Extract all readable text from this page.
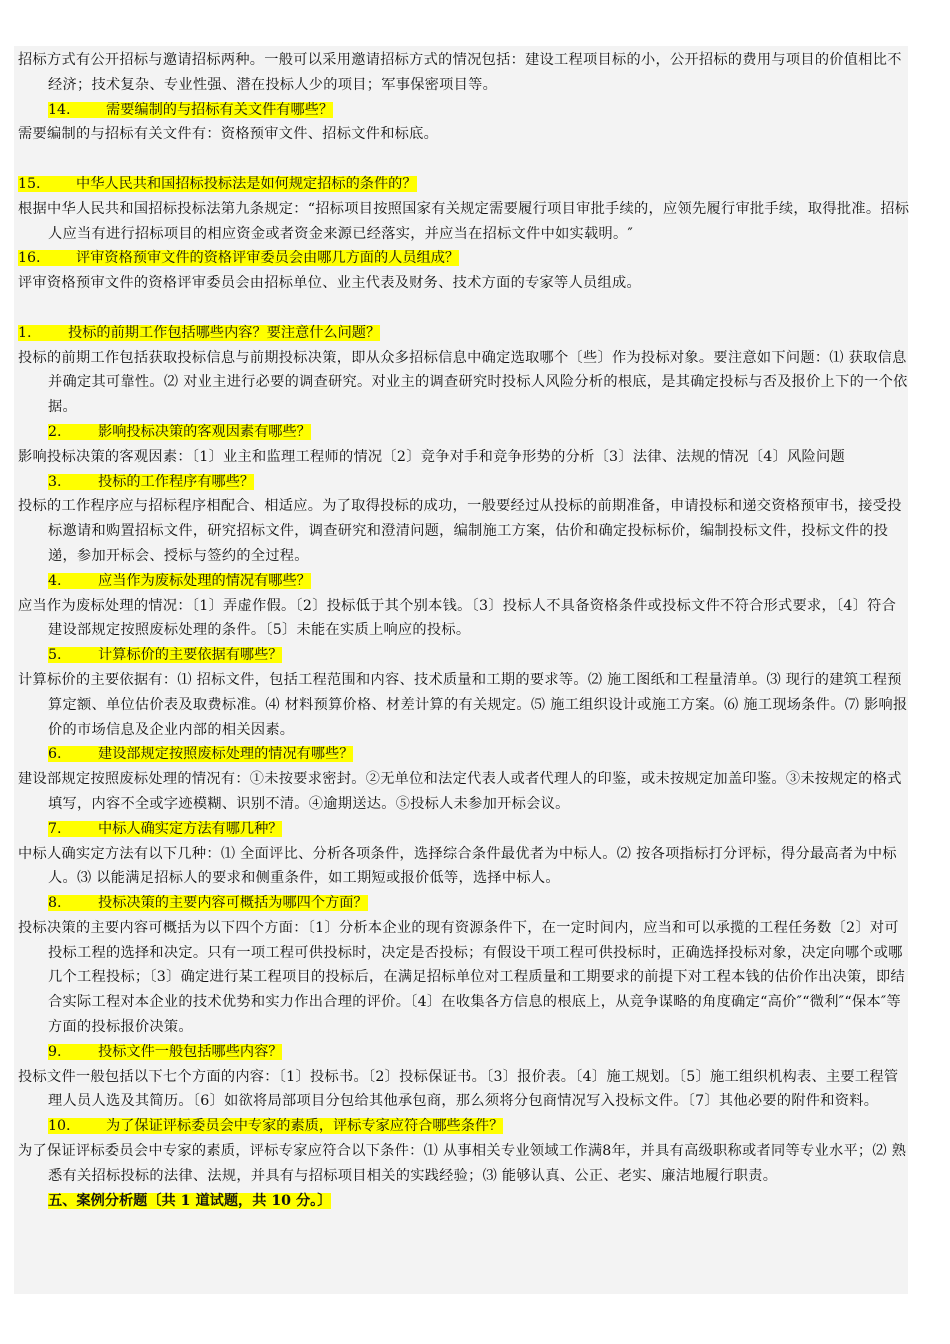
招标方式有公开招标与邀请招标两种。一般可以采用邀请招标方式的情况包括：建设工程项目标的小，公开招标的费用与项目的价值相比不经济；技术复杂、专业性强、潜在投标人少的项目；军事保密项目等。

14. 需要编制的与招标有关文件有哪些？

需要编制的与招标有关文件有：资格预审文件、招标文件和标底。

15. 中华人民共和国招标投标法是如何规定招标的条件的？

根据中华人民共和国招标投标法第九条规定：“招标项目按照国家有关规定需要履行项目审批手续的，应领先履行审批手续，取得批准。招标人应当有进行招标项目的相应资金或者资金来源已经落实，并应当在招标文件中如实载明。″

16. 评审资格预审文件的资格评审委员会由哪几方面的人员组成？

评审资格预审文件的资格评审委员会由招标单位、业主代表及财务、技术方面的专家等人员组成。

1.	投标的前期工作包括哪些内容？要注意什么问题？

投标的前期工作包括获取投标信息与前期投标决策，即从众多招标信息中确定选取哪个〔些〕作为投标对象。要注意如下问题：⑴ 获取信息并确定其可靠性。⑵ 对业主进行必要的调查研究。对业主的调查研究时投标人风险分析的根底，是其确定投标与否及报价上下的一个依据。

2.	影响投标决策的客观因素有哪些？

影响投标决策的客观因素：〔1〕业主和监理工程师的情况〔2〕竞争对手和竞争形势的分析〔3〕法律、法规的情况〔4〕风险问题

3.	投标的工作程序有哪些？

投标的工作程序应与招标程序相配合、相适应。为了取得投标的成功，一般要经过从投标的前期准备，申请投标和递交资格预审书，接受投标邀请和购置招标文件，研究招标文件，调查研究和澄清问题，编制施工方案，估价和确定投标标价，编制投标文件，投标文件的投递，参加开标会、授标与签约的全过程。

4.	应当作为废标处理的情况有哪些？

应当作为废标处理的情况：〔1〕弄虚作假。〔2〕投标低于其个别本钱。〔3〕投标人不具备资格条件或投标文件不符合形式要求，〔4〕符合建设部规定按照废标处理的条件。〔5〕未能在实质上响应的投标。

5.	计算标价的主要依据有哪些？

计算标价的主要依据有：⑴ 招标文件，包括工程范围和内容、技术质量和工期的要求等。⑵ 施工图纸和工程量清单。⑶ 现行的建筑工程预算定额、单位估价表及取费标准。⑷ 材料预算价格、材差计算的有关规定。⑸ 施工组织设计或施工方案。⑹ 施工现场条件。⑺ 影响报价的市场信息及企业内部的相关因素。

6.	建设部规定按照废标处理的情况有哪些？

建设部规定按照废标处理的情况有：①未按要求密封。②无单位和法定代表人或者代理人的印鉴，或未按规定加盖印鉴。③未按规定的格式填写，内容不全或字迹模糊、识别不清。④逾期送达。⑤投标人未参加开标会议。

7.	中标人确实定方法有哪几种？

中标人确实定方法有以下几种：⑴ 全面评比、分析各项条件，选择综合条件最优者为中标人。⑵ 按各项指标打分评标，得分最高者为中标人。⑶ 以能满足招标人的要求和侧重条件，如工期短或报价低等，选择中标人。

8.	投标决策的主要内容可概括为哪四个方面？

投标决策的主要内容可概括为以下四个方面：〔1〕分析本企业的现有资源条件下，在一定时间内，应当和可以承揽的工程任务数〔2〕对可投标工程的选择和决定。只有一项工程可供投标时，决定是否投标；有假设干项工程可供投标时，正确选择投标对象，决定向哪个或哪几个工程投标；〔3〕确定进行某工程项目的投标后，在满足招标单位对工程质量和工期要求的前提下对工程本钱的估价作出决策，即结合实际工程对本企业的技术优势和实力作出合理的评价。〔4〕在收集各方信息的根底上，从竞争谋略的角度确定“高价″“微利″“保本″等方面的投标报价决策。

9.	投标文件一般包括哪些内容？

投标文件一般包括以下七个方面的内容：〔1〕投标书。〔2〕投标保证书。〔3〕报价表。〔4〕施工规划。〔5〕施工组织机构表、主要工程管理人员人选及其简历。〔6〕如欲将局部项目分包给其他承包商，那么须将分包商情况写入投标文件。〔7〕其他必要的附件和资料。

10. 为了保证评标委员会中专家的素质，评标专家应符合哪些条件？

为了保证评标委员会中专家的素质，评标专家应符合以下条件：⑴ 从事相关专业领域工作满8年，并具有高级职称或者同等专业水平；⑵ 熟悉有关招标投标的法律、法规，并具有与招标项目相关的实践经验；⑶ 能够认真、公正、老实、廉洁地履行职责。

五、案例分析题〔共 1 道试题，共 10 分。〕
